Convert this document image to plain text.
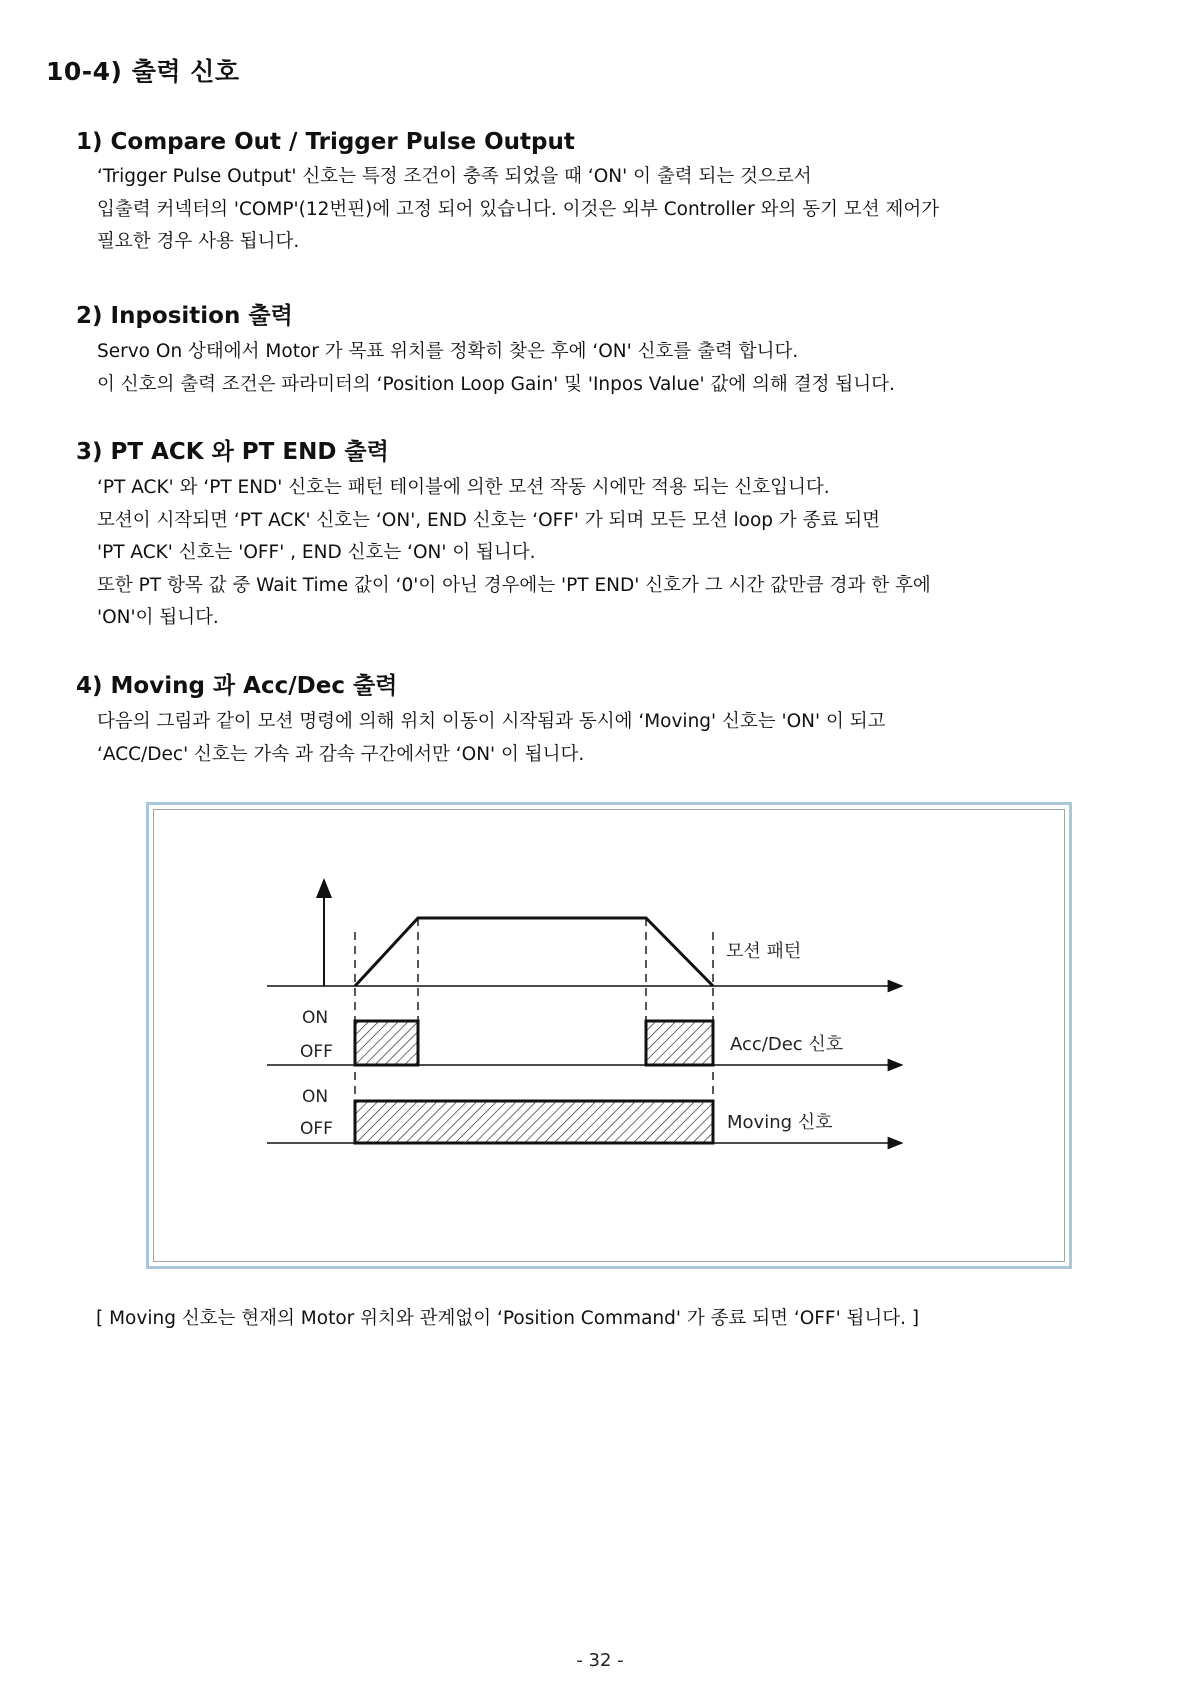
10-4) 출력 신호
1) Compare Out / Trigger Pulse Output
‘Trigger Pulse Output' 신호는 특정 조건이 충족 되었을 때 ‘ON' 이 출력 되는 것으로서
입출력 커넥터의 'COMP'(12번핀)에 고정 되어 있습니다. 이것은 외부 Controller 와의 동기 모션 제어가
필요한 경우 사용 됩니다.
2) Inposition 출력
Servo On 상태에서 Motor 가 목표 위치를 정확히 찾은 후에 ‘ON' 신호를 출력 합니다.
이 신호의 출력 조건은 파라미터의 ‘Position Loop Gain' 및 'Inpos Value' 값에 의해 결정 됩니다.
3) PT ACK 와 PT END 출력
‘PT ACK' 와 ‘PT END' 신호는 패턴 테이블에 의한 모션 작동 시에만 적용 되는 신호입니다.
모션이 시작되면 ‘PT ACK' 신호는 ‘ON', END 신호는 ‘OFF' 가 되며 모든 모션 loop 가 종료 되면
'PT ACK' 신호는 'OFF' , END 신호는 ‘ON' 이 됩니다.
또한 PT 항목 값 중 Wait Time 값이 ‘0'이 아닌 경우에는 'PT END' 신호가 그 시간 값만큼 경과 한 후에
'ON'이 됩니다.
4) Moving 과 Acc/Dec 출력
다음의 그림과 같이 모션 명령에 의해 위치 이동이 시작됨과 동시에 ‘Moving' 신호는 'ON' 이 되고
‘ACC/Dec' 신호는 가속 과 감속 구간에서만 ‘ON' 이 됩니다.
모션 패턴
ON
OFF	Acc/Dec 신호
ON
OFF	Moving 신호
[ Moving 신호는 현재의 Motor 위치와 관계없이 ‘Position Command' 가 종료 되면 ‘OFF' 됩니다. ]
- 32 -
